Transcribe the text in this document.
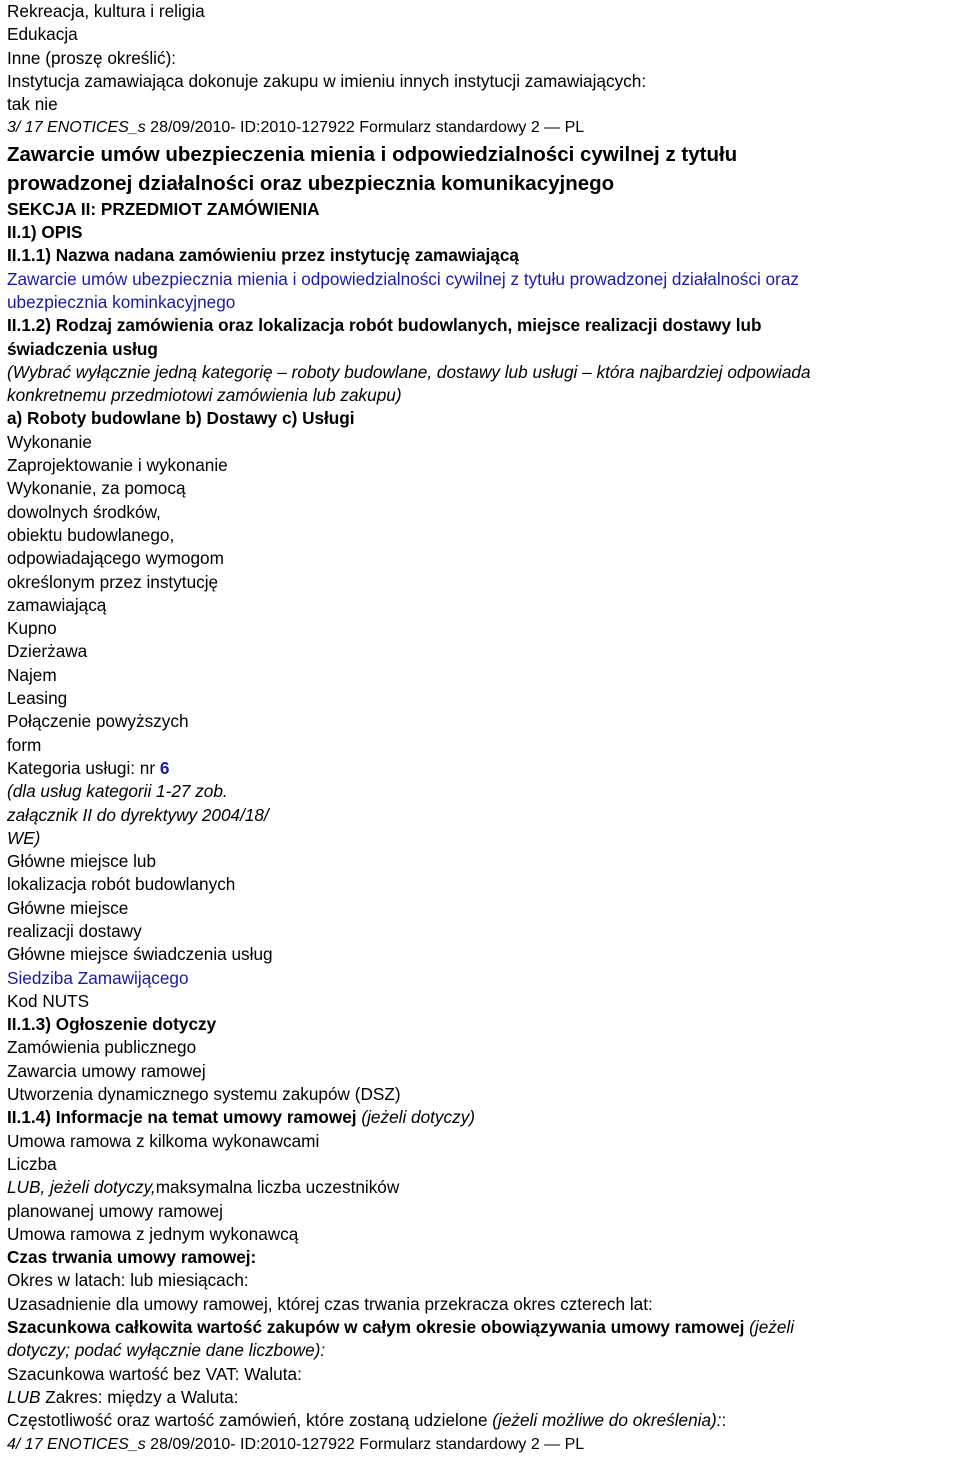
Rekreacja, kultura i religia
Edukacja
Inne (proszę określić):
Instytucja zamawiająca dokonuje zakupu w imieniu innych instytucji zamawiających:
tak nie
3/ 17 ENOTICES_s 28/09/2010- ID:2010-127922 Formularz standardowy 2 — PL
Zawarcie umów ubezpieczenia mienia i odpowiedzialności cywilnej z tytułu
prowadzonej działalności oraz ubezpiecznia komunikacyjnego
SEKCJA II: PRZEDMIOT ZAMÓWIENIA
II.1) OPIS
II.1.1) Nazwa nadana zamówieniu przez instytucję zamawiającą
Zawarcie umów ubezpiecznia mienia i odpowiedzialności cywilnej z tytułu prowadzonej działalności oraz
ubezpiecznia kominkacyjnego
II.1.2) Rodzaj zamówienia oraz lokalizacja robót budowlanych, miejsce realizacji dostawy lub
świadczenia usług
(Wybrać wyłącznie jedną kategorię – roboty budowlane, dostawy lub usługi – która najbardziej odpowiada
konkretnemu przedmiotowi zamówienia lub zakupu)
a) Roboty budowlane b) Dostawy c) Usługi
Wykonanie
Zaprojektowanie i wykonanie
Wykonanie, za pomocą
dowolnych środków,
obiektu budowlanego,
odpowiadającego wymogom
określonym przez instytucję
zamawiającą
Kupno
Dzierżawa
Najem
Leasing
Połączenie powyższych
form
Kategoria usługi: nr 6
(dla usług kategorii 1-27 zob.
załącznik II do dyrektywy 2004/18/
WE)
Główne miejsce lub
lokalizacja robót budowlanych
Główne miejsce
realizacji dostawy
Główne miejsce świadczenia usług
Siedziba Zamawijącego
Kod NUTS
II.1.3) Ogłoszenie dotyczy
Zamówienia publicznego
Zawarcia umowy ramowej
Utworzenia dynamicznego systemu zakupów (DSZ)
II.1.4) Informacje na temat umowy ramowej (jeżeli dotyczy)
Umowa ramowa z kilkoma wykonawcami
Liczba
LUB, jeżeli dotyczy,maksymalna liczba uczestników
planowanej umowy ramowej
Umowa ramowa z jednym wykonawcą
Czas trwania umowy ramowej:
Okres w latach: lub miesiącach:
Uzasadnienie dla umowy ramowej, której czas trwania przekracza okres czterech lat:
Szacunkowa całkowita wartość zakupów w całym okresie obowiązywania umowy ramowej (jeżeli
dotyczy; podać wyłącznie dane liczbowe):
Szacunkowa wartość bez VAT: Waluta:
LUB Zakres: między a Waluta:
Częstotliwość oraz wartość zamówień, które zostaną udzielone (jeżeli możliwe do określenia)::
4/ 17 ENOTICES_s 28/09/2010- ID:2010-127922 Formularz standardowy 2 — PL
